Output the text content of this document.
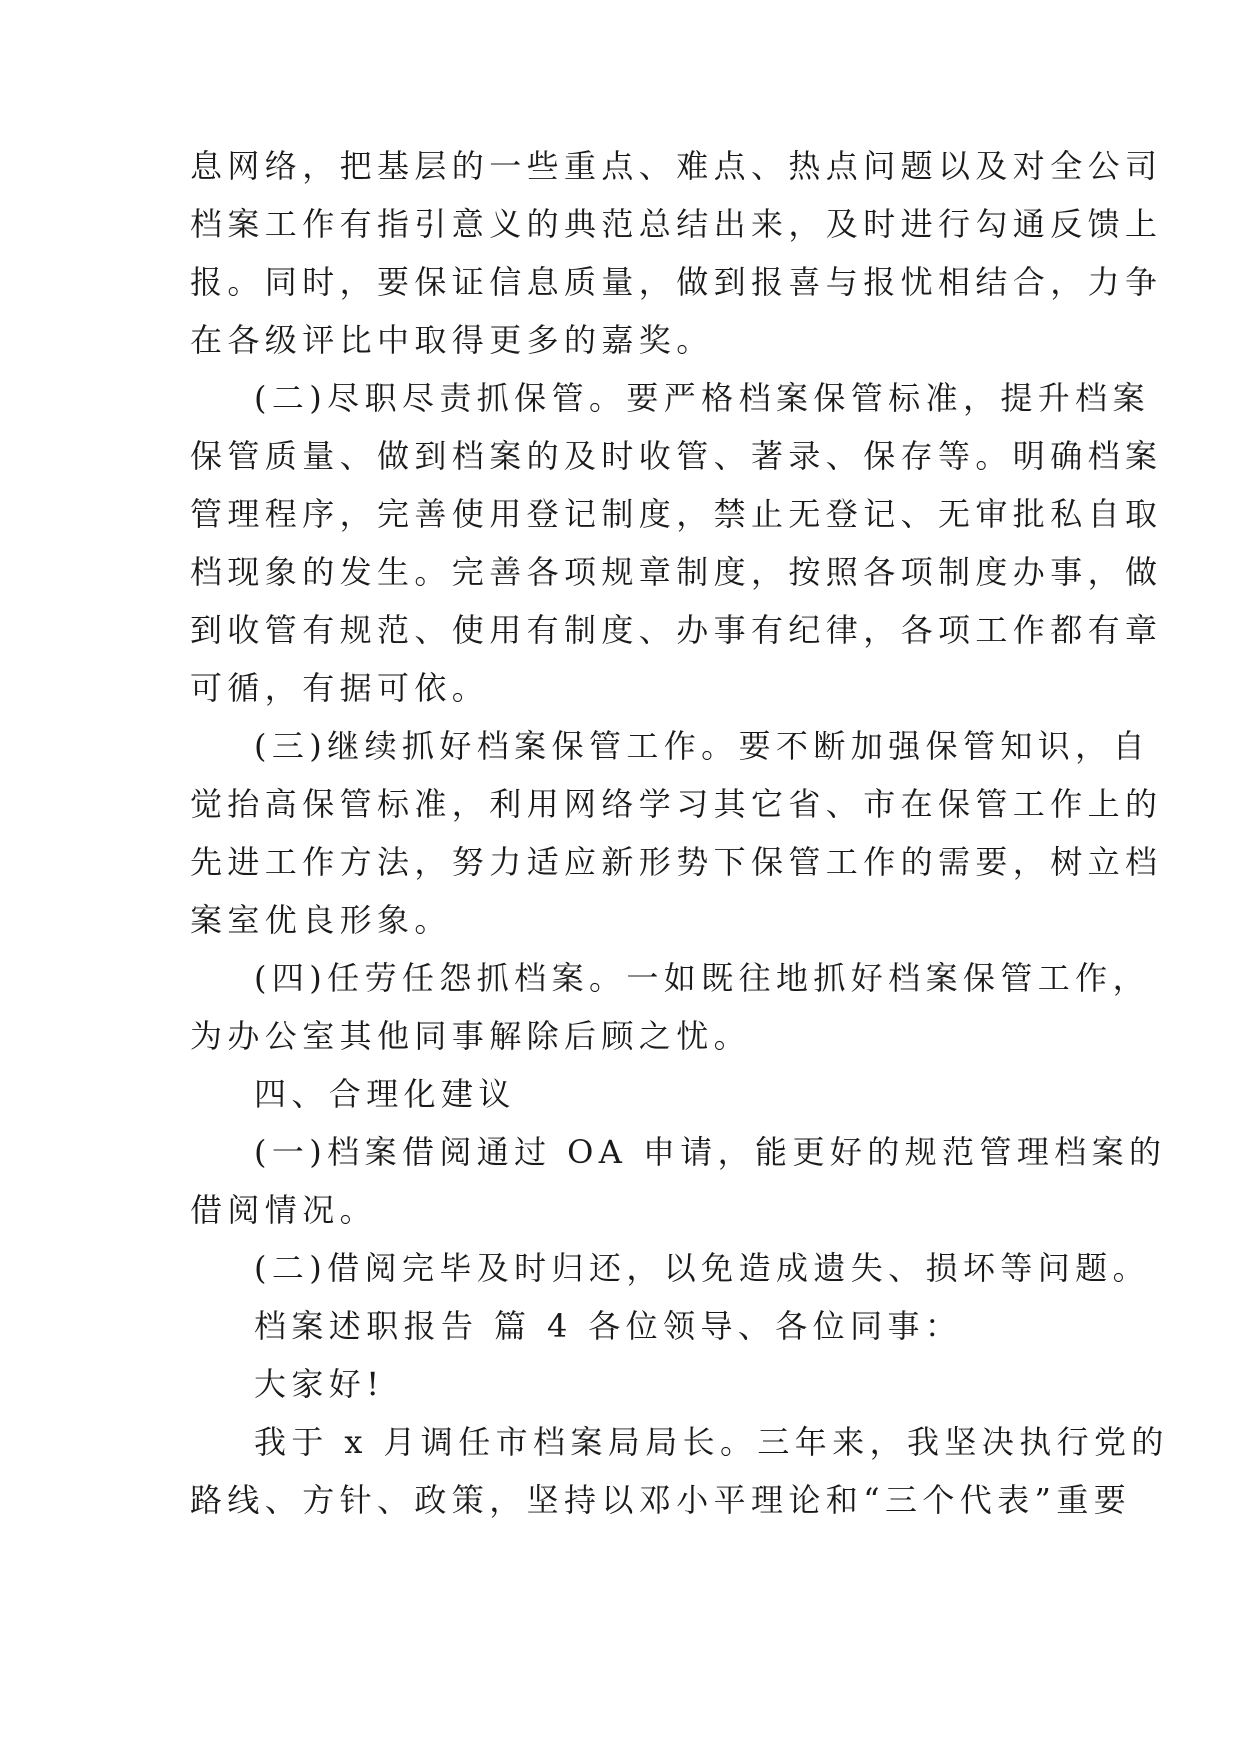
息网络，把基层的一些重点、难点、热点问题以及对全公司
档案工作有指引意义的典范总结出来，及时进行勾通反馈上
报。同时，要保证信息质量，做到报喜与报忧相结合，力争
在各级评比中取得更多的嘉奖。
(二)尽职尽责抓保管。要严格档案保管标准，提升档案
保管质量、做到档案的及时收管、著录、保存等。明确档案
管理程序，完善使用登记制度，禁止无登记、无审批私自取
档现象的发生。完善各项规章制度，按照各项制度办事，做
到收管有规范、使用有制度、办事有纪律，各项工作都有章
可循，有据可依。
(三)继续抓好档案保管工作。要不断加强保管知识，自
觉抬高保管标准，利用网络学习其它省、市在保管工作上的
先进工作方法，努力适应新形势下保管工作的需要，树立档
案室优良形象。
(四)任劳任怨抓档案。一如既往地抓好档案保管工作，
为办公室其他同事解除后顾之忧。
四、合理化建议
(一)档案借阅通过 OA 申请，能更好的规范管理档案的
借阅情况。
(二)借阅完毕及时归还，以免造成遗失、损坏等问题。
档案述职报告 篇 4 各位领导、各位同事：
大家好!
我于 x 月调任市档案局局长。三年来，我坚决执行党的
路线、方针、政策，坚持以邓小平理论和“三个代表”重要
